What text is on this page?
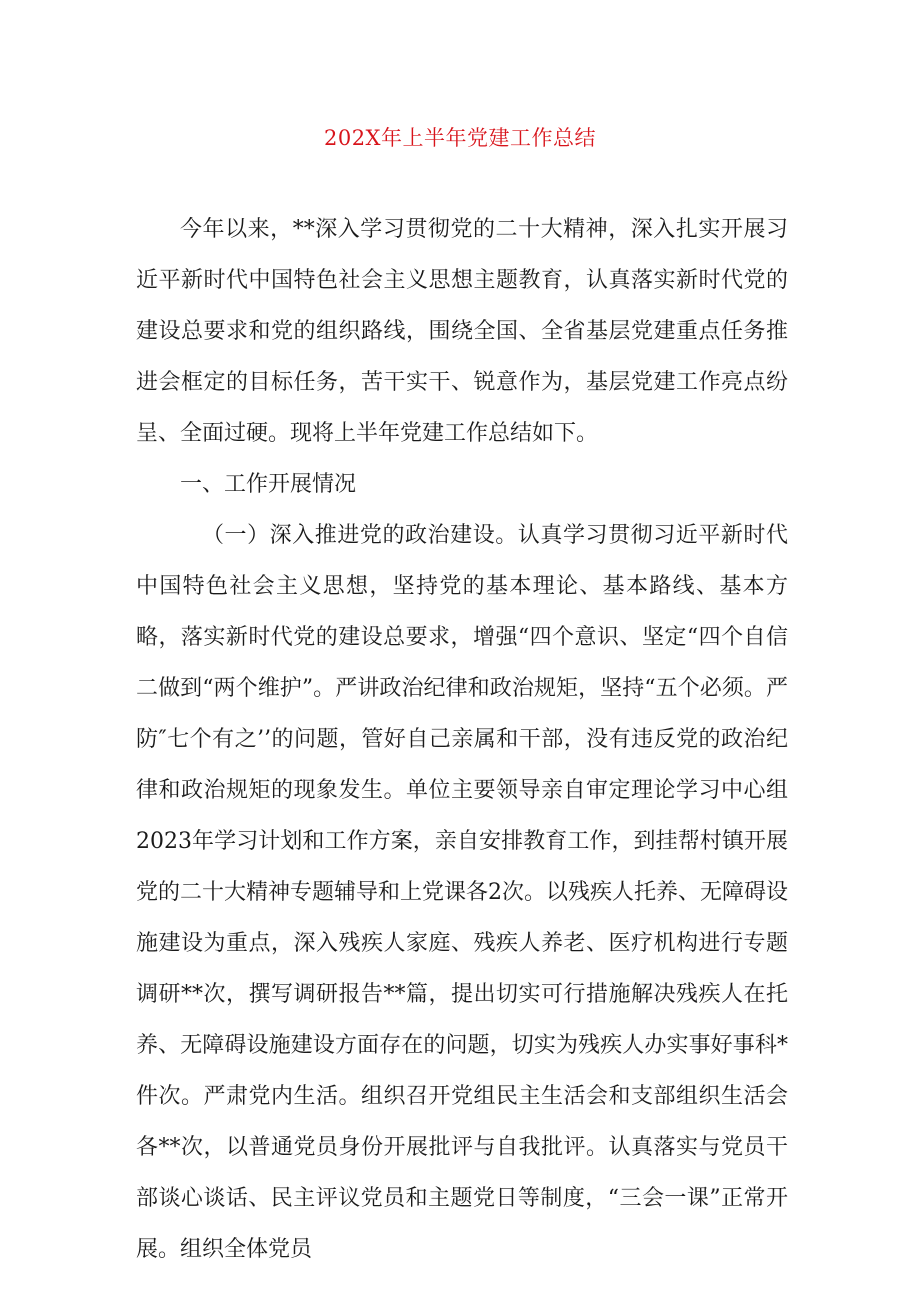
202X年上半年党建工作总结

今年以来，**深入学习贯彻党的二十大精神，深入扎实开展习近平新时代中国特色社会主义思想主题教育，认真落实新时代党的建设总要求和党的组织路线，围绕全国、全省基层党建重点任务推进会框定的目标任务，苦干实干、锐意作为，基层党建工作亮点纷呈、全面过硬。现将上半年党建工作总结如下。

一、工作开展情况

（一）深入推进党的政治建设。认真学习贯彻习近平新时代中国特色社会主义思想，坚持党的基本理论、基本路线、基本方略，落实新时代党的建设总要求，增强“四个意识、坚定“四个自信二做到“两个维护”。严讲政治纪律和政治规矩，坚持“五个必须。严防″七个有之’’的问题，管好自己亲属和干部，没有违反党的政治纪律和政治规矩的现象发生。单位主要领导亲自审定理论学习中心组2023年学习计划和工作方案，亲自安排教育工作，到挂帮村镇开展党的二十大精神专题辅导和上党课各2次。以残疾人托养、无障碍设施建设为重点，深入残疾人家庭、残疾人养老、医疗机构进行专题调研**次，撰写调研报告**篇，提出切实可行措施解决残疾人在托养、无障碍设施建设方面存在的问题，切实为残疾人办实事好事科*件次。严肃党内生活。组织召开党组民主生活会和支部组织生活会各**次，以普通党员身份开展批评与自我批评。认真落实与党员干部谈心谈话、民主评议党员和主题党日等制度，“三会一课”正常开展。组织全体党员
